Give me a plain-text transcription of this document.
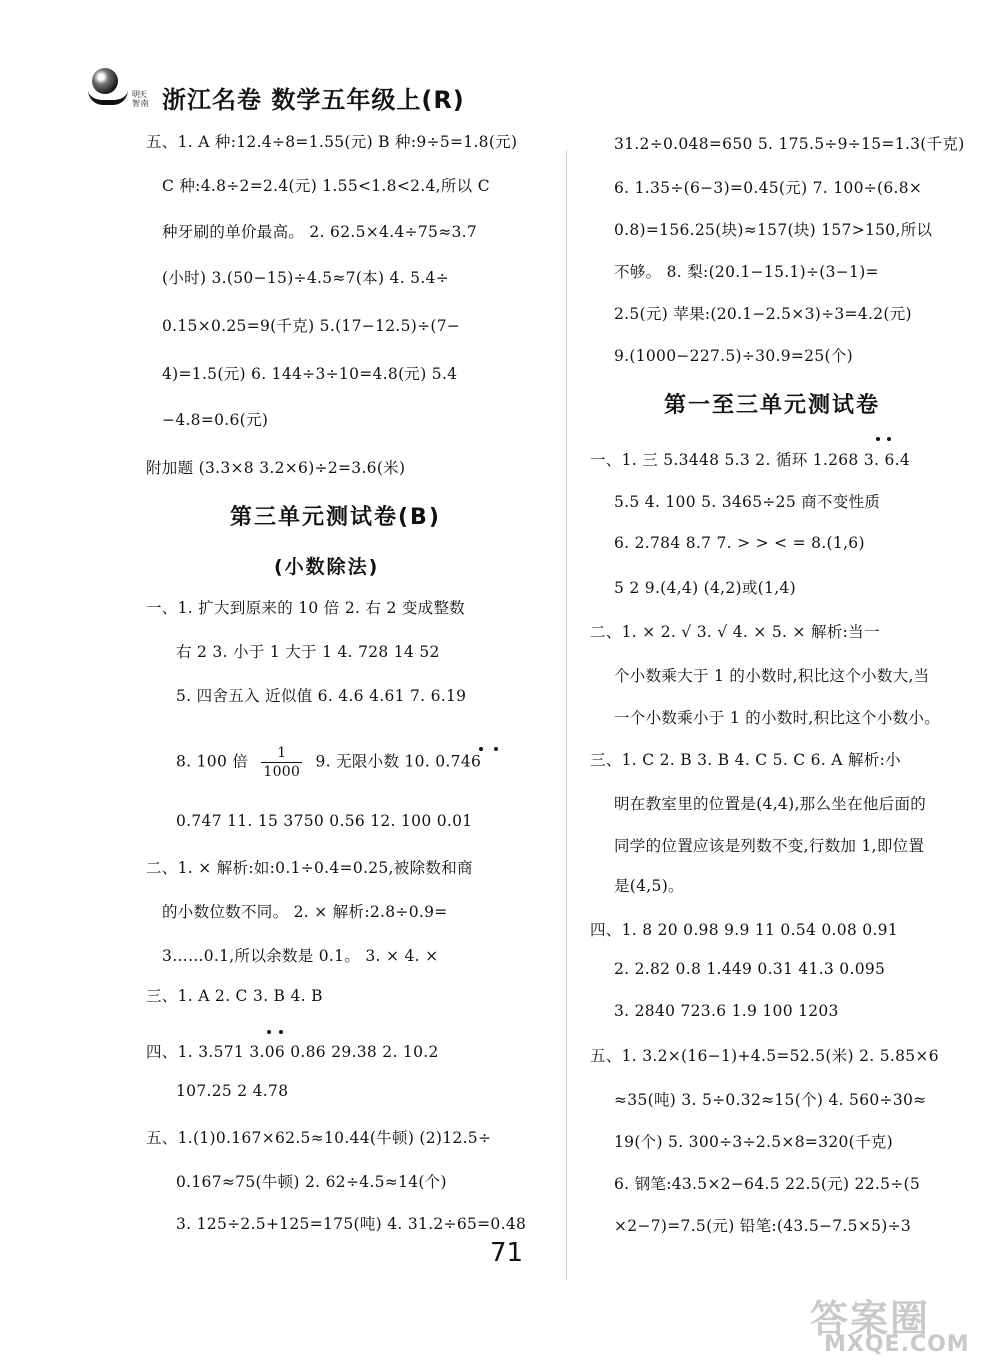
明天 智 南 浙江名卷 数学五年级上(R)
五、1. A 种:12.4÷8=1.55(元) B 种:9÷5=1.8(元)
C 种:4.8÷2=2.4(元) 1.55<1.8<2.4,所以 C
种牙刷的单价最高。 2. 62.5×4.4÷75≈3.7
(小时) 3.(50−15)÷4.5≈7(本) 4. 5.4÷
0.15×0.25=9(千克) 5.(17−12.5)÷(7−
4)=1.5(元) 6. 144÷3÷10=4.8(元) 5.4
−4.8=0.6(元)
附加题 (3.3×8 3.2×6)÷2=3.6(米)
第三单元测试卷(B)
(小数除法)
一、1. 扩大到原来的 10 倍 2. 右 2 变成整数
右 2 3. 小于 1 大于 1 4. 728 14 52
5. 四舍五入 近似值 6. 4.6 4.61 7. 6.19
8. 100 倍 $\frac{1}{1000} 9$. 无限小数 10. 0.746
0.747 11. 15 3750 0.56 12. 100 0.01
二、1. × 解析:如:0.1÷0.4=0.25,被除数和商
的小数位数不同。 2. × 解析:2.8÷0.9=
3……0.1,所以余数是 0.1。 3. × 4. ×
三、1. A 2. C 3. B 4. B
四、1. 3.571 3.06 0.86 29.38 2. 10.2
107.25 2 4.78
五、1.(1)0.167×62.5≈10.44(牛顿) (2)12.5÷
0.167≈75(牛顿) 2. 62÷4.5≈14(个)
3. 125÷2.5+125=175(吨) 4. 31.2÷65=0.48
31.2÷0.048=650 5. 175.5÷9÷15=1.3(千克)
6. 1.35÷(6−3)=0.45(元) 7. 100÷(6.8×
0.8)=156.25(块)≈157(块) 157>150,所以
不够。 8. 梨:(20.1−15.1)÷(3−1)=
2.5(元) 苹果:(20.1−2.5×3)÷3=4.2(元)
9.(1000−227.5)÷30.9=25(个)
第一至三单元测试卷
一、1. 三 5.3448 5.3 2. 循环 1.268 3. 6.4
5.5 4. 100 5. 3465÷25 商不变性质
6. 2.784 8.7 7. > > < = 8.(1,6)
5 2 9.(4,4) (4,2)或(1,4)
二、1. × 2. √ 3. √ 4. × 5. × 解析:当一
个小数乘大于 1 的小数时,积比这个小数大,当
一个小数乘小于 1 的小数时,积比这个小数小。
三、1. C 2. B 3. B 4. C 5. C 6. A 解析:小
明在教室里的位置是(4,4),那么坐在他后面的
同学的位置应该是列数不变,行数加 1,即位置
是(4,5)。
四、1. 8 20 0.98 9.9 11 0.54 0.08 0.91
2. 2.82 0.8 1.449 0.31 41.3 0.095
3. 2840 723.6 1.9 100 1203
五、1. 3.2×(16−1)+4.5=52.5(米) 2. 5.85×6
≈35(吨) 3. 5÷0.32≈15(个) 4. 560÷30≈
19(个) 5. 300÷3÷2.5×8=320(千克)
6. 钢笔:43.5×2−64.5 22.5(元) 22.5÷(5
×2−7)=7.5(元) 铅笔:(43.5−7.5×5)÷3
71
答案圈
MXQE.COM
